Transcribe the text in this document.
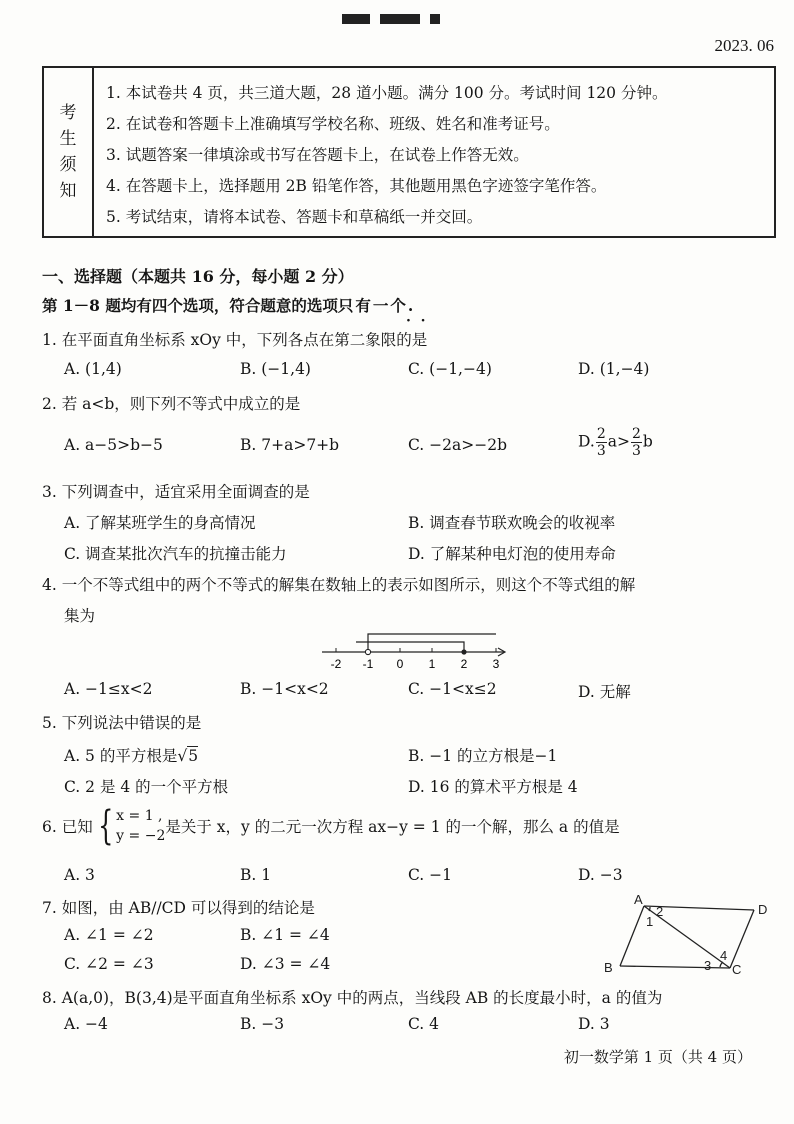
2023. 06
考
生
须
知
1. 本试卷共 4 页，共三道大题，28 道小题。满分 100 分。考试时间 120 分钟。
2. 在试卷和答题卡上准确填写学校名称、班级、姓名和准考证号。
3. 试题答案一律填涂或书写在答题卡上，在试卷上作答无效。
4. 在答题卡上，选择题用 2B 铅笔作答，其他题用黑色字迹签字笔作答。
5. 考试结束，请将本试卷、答题卡和草稿纸一并交回。
一、选择题（本题共 16 分，每小题 2 分）
第 1－8 题均有四个选项，符合题意的选项只有一个.
·  ·
1. 在平面直角坐标系 xOy 中，下列各点在第二象限的是
A. (1,4)	B. (−1,4)	C. (−1,−4)	D. (1,−4)
2. 若 a<b，则下列不等式中成立的是
A. a−5>b−5	B. 7+a>7+b	C. −2a>−2b	D. $\frac{2}{3} a> \frac{2}{3}$ b
3. 下列调查中，适宜采用全面调查的是
A. 了解某班学生的身高情况	B. 调查春节联欢晚会的收视率
C. 调查某批次汽车的抗撞击能力	D. 了解某种电灯泡的使用寿命
4. 一个不等式组中的两个不等式的解集在数轴上的表示如图所示，则这个不等式组的解
集为
-2 -1 0 1 2 3
A. −1≤x<2	B. −1<x<2	C. −1<x≤2	D. 无解
5. 下列说法中错误的是
A. 5 的平方根是√5	B. −1 的立方根是−1
C. 2 是 4 的一个平方根	D. 16 的算术平方根是 4
6. 已知 { x = 1 ,
y = −2 是关于 x，y 的二元一次方程 ax−y = 1 的一个解，那么 a 的值是
A. 3	B. 1	C. −1	D. −3
7. 如图，由 AB//CD 可以得到的结论是
A. ∠1 = ∠2	B. ∠1 = ∠4
C. ∠2 = ∠3	D. ∠3 = ∠4
A
D
B	C
1
2
3
4
8. A(a,0)，B(3,4)是平面直角坐标系 xOy 中的两点，当线段 AB 的长度最小时，a 的值为
A. −4	B. −3	C. 4	D. 3
初一数学第 1 页（共 4 页）
